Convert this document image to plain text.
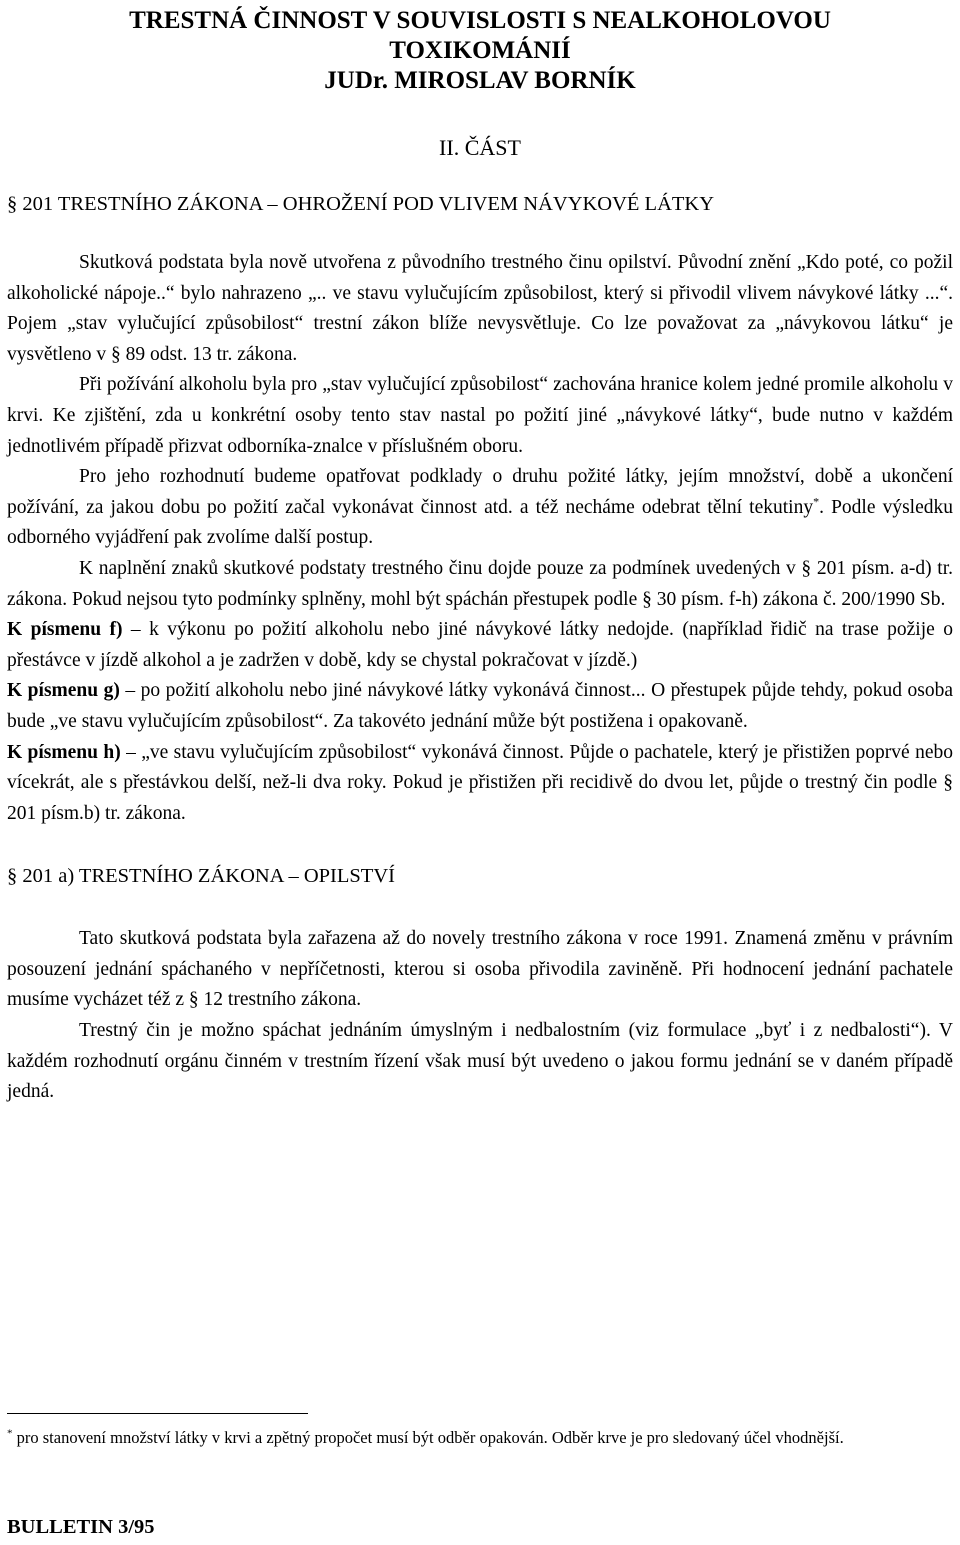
TRESTNÁ ČINNOST V SOUVISLOSTI S NEALKOHOLOVOU
TOXIKOMÁNIÍ
JUDr. MIROSLAV BORNÍK
II. ČÁST
§ 201 TRESTNÍHO ZÁKONA – OHROŽENÍ POD VLIVEM NÁVYKOVÉ LÁTKY

Skutková podstata byla nově utvořena z původního trestného činu opilství. Původní znění „Kdo poté, co požil alkoholické nápoje..“ bylo nahrazeno „.. ve stavu vylučujícím způsobilost, který si přivodil vlivem návykové látky ...“. Pojem „stav vylučující způsobilost“ trestní zákon blíže nevysvětluje. Co lze považovat za „návykovou látku“ je vysvětleno v § 89 odst. 13 tr. zákona.

Při požívání alkoholu byla pro „stav vylučující způsobilost“ zachována hranice kolem jedné promile alkoholu v krvi. Ke zjištění, zda u konkrétní osoby tento stav nastal po požití jiné „návykové látky“, bude nutno v každém jednotlivém případě přizvat odborníka-znalce v příslušném oboru.

Pro jeho rozhodnutí budeme opatřovat podklady o druhu požité látky, jejím množství, době a ukončení požívání, za jakou dobu po požití začal vykonávat činnost atd. a též necháme odebrat tělní tekutiny*. Podle výsledku odborného vyjádření pak zvolíme další postup.

K naplnění znaků skutkové podstaty trestného činu dojde pouze za podmínek uvedených v § 201 písm. a-d) tr. zákona. Pokud nejsou tyto podmínky splněny, mohl být spáchán přestupek podle § 30 písm. f-h) zákona č. 200/1990 Sb.

K písmenu f) – k výkonu po požití alkoholu nebo jiné návykové látky nedojde. (například řidič na trase požije o přestávce v jízdě alkohol a je zadržen v době, kdy se chystal pokračovat v jízdě.)

K písmenu g) – po požití alkoholu nebo jiné návykové látky vykonává činnost... O přestupek půjde tehdy, pokud osoba bude „ve stavu vylučujícím způsobilost“. Za takovéto jednání může být postižena i opakovaně.

K písmenu h) – „ve stavu vylučujícím způsobilost“ vykonává činnost. Půjde o pachatele, který je přistižen poprvé nebo vícekrát, ale s přestávkou delší, než-li dva roky. Pokud je přistižen při recidivě do dvou let, půjde o trestný čin podle § 201 písm.b) tr. zákona.

§ 201 a) TRESTNÍHO ZÁKONA – OPILSTVÍ

Tato skutková podstata byla zařazena až do novely trestního zákona v roce 1991. Znamená změnu v právním posouzení jednání spáchaného v nepříčetnosti, kterou si osoba přivodila zaviněně. Při hodnocení jednání pachatele musíme vycházet též z § 12 trestního zákona.

Trestný čin je možno spáchat jednáním úmyslným i nedbalostním (viz formulace „byť i z nedbalosti“). V každém rozhodnutí orgánu činném v trestním řízení však musí být uvedeno o jakou formu jednání se v daném případě jedná.

* pro stanovení množství látky v krvi a zpětný propočet musí být odběr opakován. Odběr krve je pro sledovaný účel vhodnější.
BULLETIN 3/95
